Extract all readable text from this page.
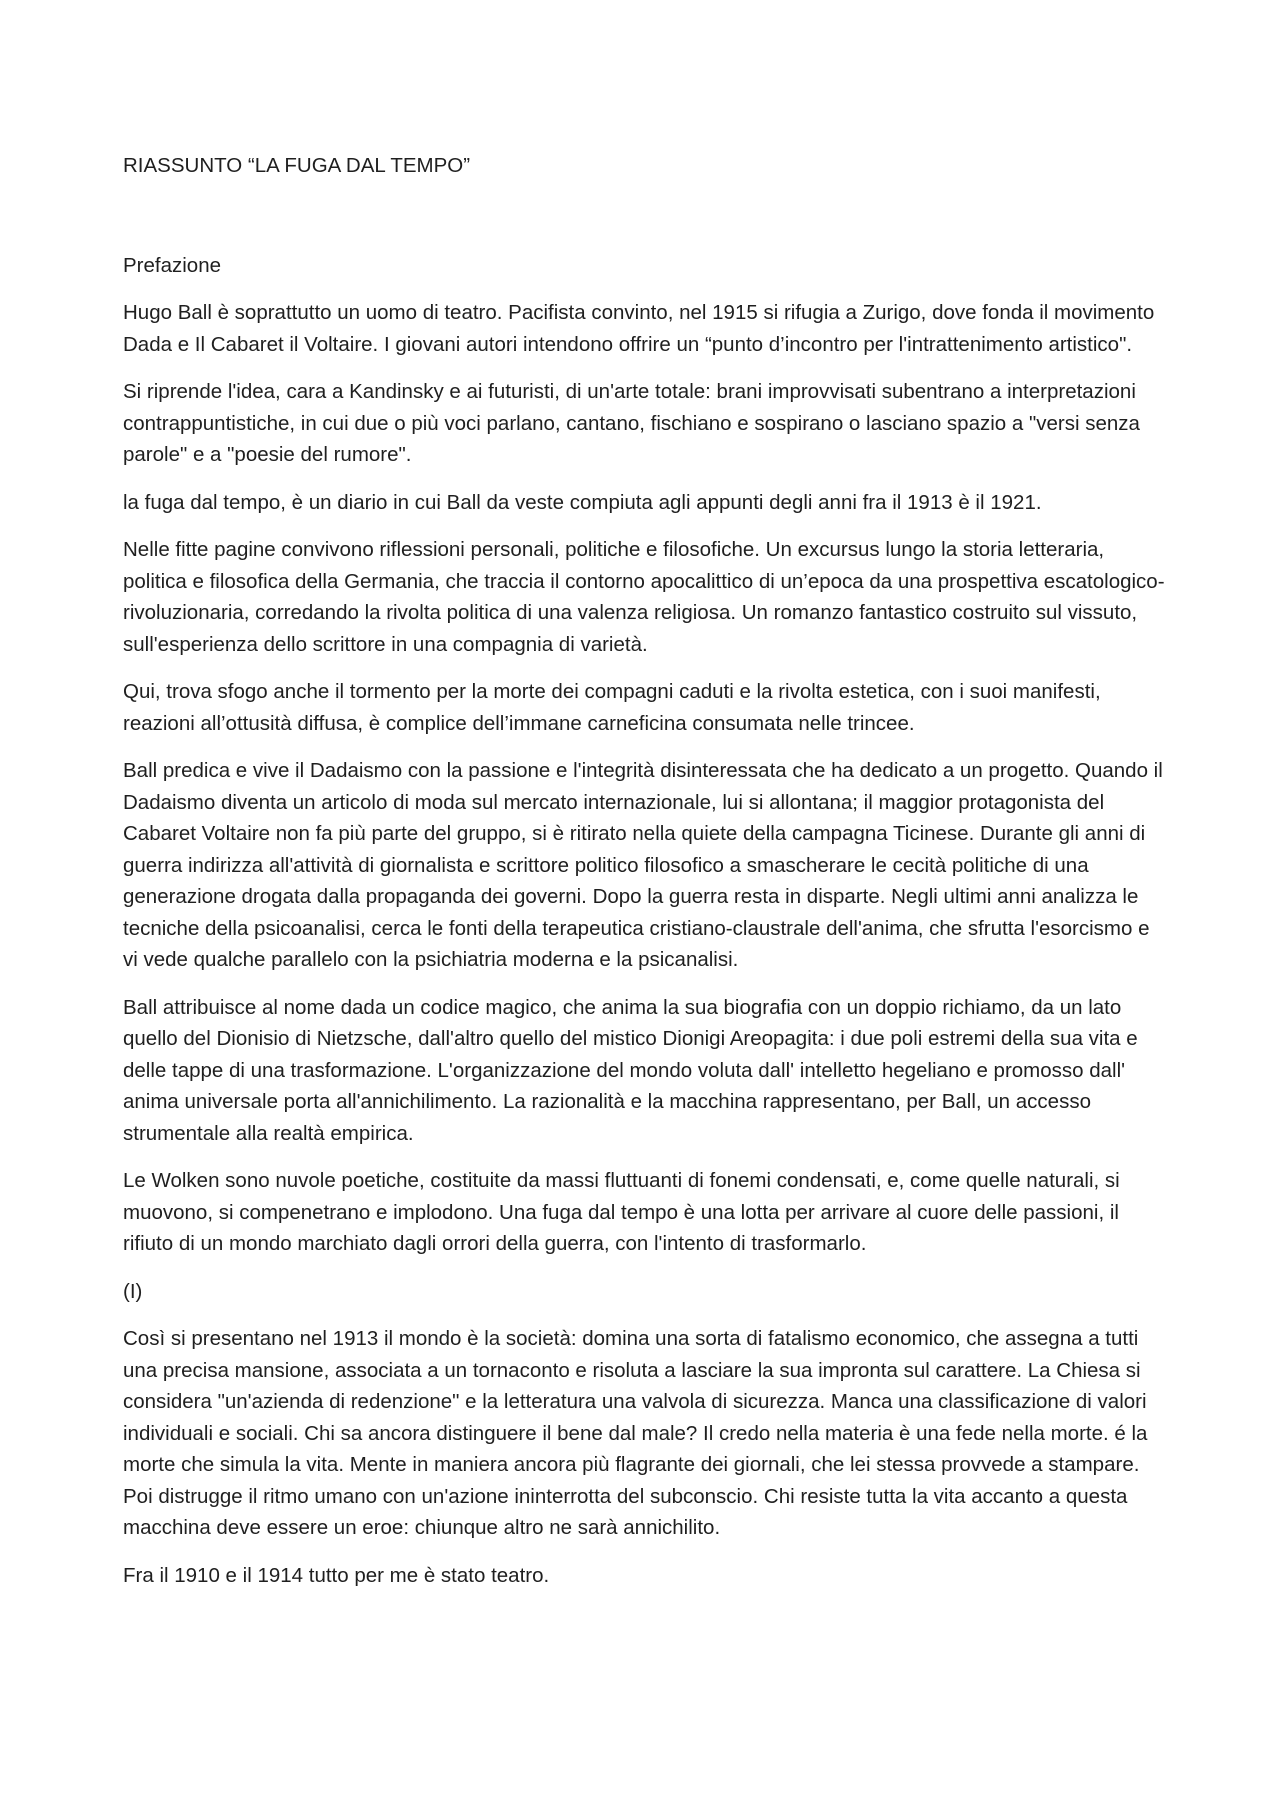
RIASSUNTO “LA FUGA DAL TEMPO”

Prefazione

Hugo Ball è soprattutto un uomo di teatro. Pacifista convinto, nel 1915 si rifugia a Zurigo, dove fonda il movimento Dada e Il Cabaret il Voltaire. I giovani autori intendono offrire un “punto d’incontro per l'intrattenimento artistico".

Si riprende l'idea, cara a Kandinsky e ai futuristi, di un'arte totale: brani improvvisati subentrano a interpretazioni contrappuntistiche, in cui due o più voci parlano, cantano, fischiano e sospirano o lasciano spazio a "versi senza parole" e a "poesie del rumore".

la fuga dal tempo, è un diario in cui Ball da veste compiuta agli appunti degli anni fra il 1913 è il 1921.

Nelle fitte pagine convivono riflessioni personali, politiche e filosofiche. Un excursus lungo la storia letteraria, politica e filosofica della Germania, che traccia il contorno apocalittico di un’epoca da una prospettiva escatologico-rivoluzionaria, corredando la rivolta politica di una valenza religiosa. Un romanzo fantastico costruito sul vissuto, sull'esperienza dello scrittore in una compagnia di varietà.

Qui, trova sfogo anche il tormento per la morte dei compagni caduti e la rivolta estetica, con i suoi manifesti, reazioni all’ottusità diffusa, è complice dell’immane carneficina consumata nelle trincee.

Ball predica e vive il Dadaismo con la passione e l'integrità disinteressata che ha dedicato a un progetto. Quando il Dadaismo diventa un articolo di moda sul mercato internazionale, lui si allontana; il maggior protagonista del Cabaret Voltaire non fa più parte del gruppo, si è ritirato nella quiete della campagna Ticinese. Durante gli anni di guerra indirizza all'attività di giornalista e scrittore politico filosofico a smascherare le cecità politiche di una generazione drogata dalla propaganda dei governi. Dopo la guerra resta in disparte. Negli ultimi anni analizza le tecniche della psicoanalisi, cerca le fonti della terapeutica cristiano-claustrale dell'anima, che sfrutta l'esorcismo e vi vede qualche parallelo con la psichiatria moderna e la psicanalisi.

Ball attribuisce al nome dada un codice magico, che anima la sua biografia con un doppio richiamo, da un lato quello del Dionisio di Nietzsche, dall'altro quello del mistico Dionigi Areopagita: i due poli estremi della sua vita e delle tappe di una trasformazione. L'organizzazione del mondo voluta dall' intelletto hegeliano e promosso dall' anima universale porta all'annichilimento. La razionalità e la macchina rappresentano, per Ball, un accesso strumentale alla realtà empirica.

Le Wolken sono nuvole poetiche, costituite da massi fluttuanti di fonemi condensati, e, come quelle naturali, si muovono, si compenetrano e implodono. Una fuga dal tempo è una lotta per arrivare al cuore delle passioni, il rifiuto di un mondo marchiato dagli orrori della guerra, con l'intento di trasformarlo.

(I)

Così si presentano nel 1913 il mondo è la società: domina una sorta di fatalismo economico, che assegna a tutti una precisa mansione, associata a un tornaconto e risoluta a lasciare la sua impronta sul carattere. La Chiesa si considera "un'azienda di redenzione" e la letteratura una valvola di sicurezza. Manca una classificazione di valori individuali e sociali. Chi sa ancora distinguere il bene dal male? Il credo nella materia è una fede nella morte. é la morte che simula la vita. Mente in maniera ancora più flagrante dei giornali, che lei stessa provvede a stampare. Poi distrugge il ritmo umano con un'azione ininterrotta del subconscio. Chi resiste tutta la vita accanto a questa macchina deve essere un eroe: chiunque altro ne sarà annichilito.

Fra il 1910 e il 1914 tutto per me è stato teatro.
